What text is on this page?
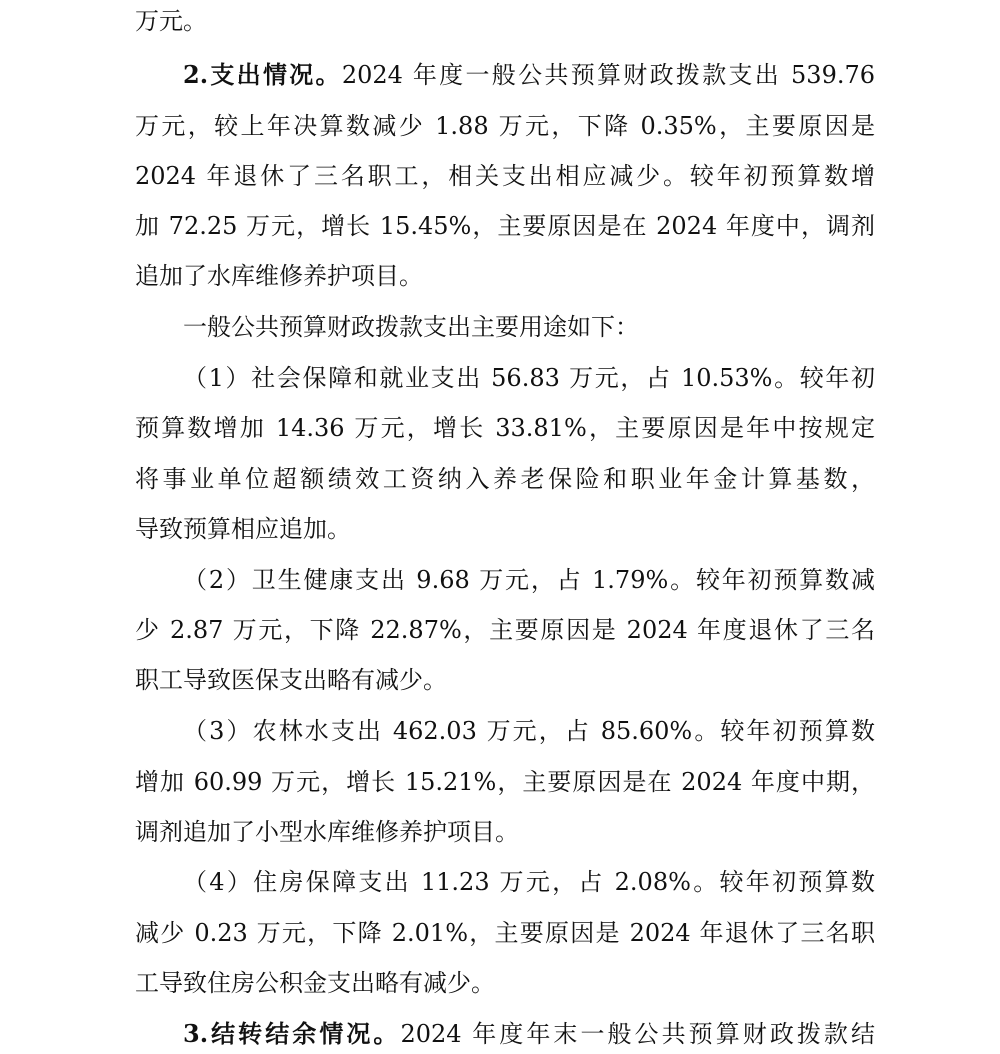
万元。
2.支出情况。2024 年度一般公共预算财政拨款支出 539.76
万元，较上年决算数减少 1.88 万元，下降 0.35%，主要原因是
2024 年退休了三名职工，相关支出相应减少。较年初预算数增
加 72.25 万元，增长 15.45%，主要原因是在 2024 年度中，调剂
追加了水库维修养护项目。
一般公共预算财政拨款支出主要用途如下：
（1）社会保障和就业支出 56.83 万元，占 10.53%。较年初
预算数增加 14.36 万元，增长 33.81%，主要原因是年中按规定
将事业单位超额绩效工资纳入养老保险和职业年金计算基数，
导致预算相应追加。
（2）卫生健康支出 9.68 万元，占 1.79%。较年初预算数减
少 2.87 万元，下降 22.87%，主要原因是 2024 年度退休了三名
职工导致医保支出略有减少。
（3）农林水支出 462.03 万元，占 85.60%。较年初预算数
增加 60.99 万元，增长 15.21%，主要原因是在 2024 年度中期，
调剂追加了小型水库维修养护项目。
（4）住房保障支出 11.23 万元，占 2.08%。较年初预算数
减少 0.23 万元，下降 2.01%，主要原因是 2024 年退休了三名职
工导致住房公积金支出略有减少。
3.结转结余情况。2024 年度年末一般公共预算财政拨款结
